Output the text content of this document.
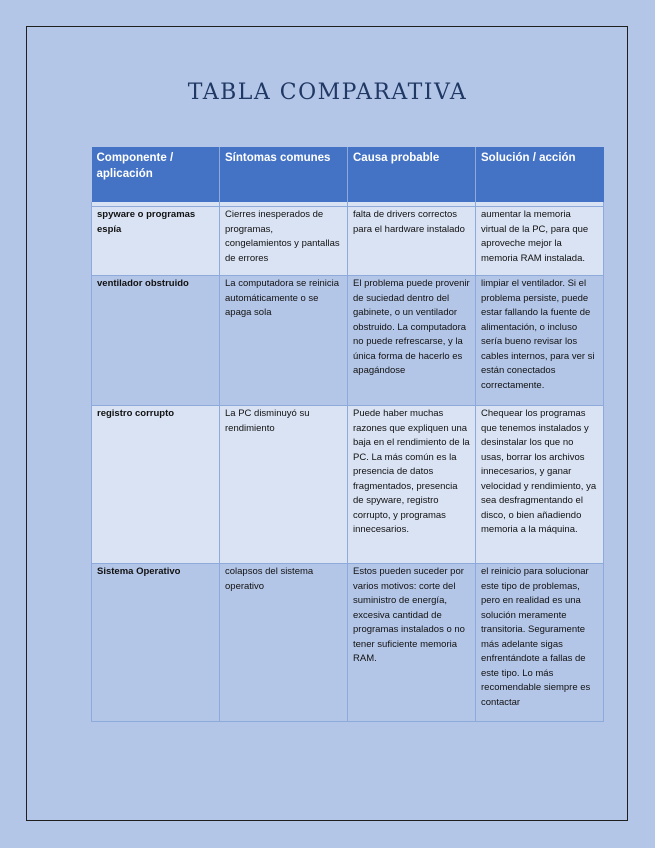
TABLA COMPARATIVA
Componente / aplicación	Síntomas comunes	Causa probable	Solución / acción

spyware o programas espía	Cierres inesperados de programas, congelamientos y pantallas de errores	falta de drivers correctos para el hardware instalado	aumentar la memoria virtual de la PC, para que aproveche mejor la memoria RAM instalada.
ventilador obstruido	La computadora se reinicia automáticamente o se apaga sola	El problema puede provenir de suciedad dentro del gabinete, o un ventilador obstruido. La computadora no puede refrescarse, y la única forma de hacerlo es apagándose	limpiar el ventilador. Si el problema persiste, puede estar fallando la fuente de alimentación, o incluso sería bueno revisar los cables internos, para ver si están conectados correctamente.
registro corrupto	La PC disminuyó su rendimiento	Puede haber muchas razones que expliquen una baja en el rendimiento de la PC. La más común es la presencia de datos fragmentados, presencia de spyware, registro corrupto, y programas innecesarios.	Chequear los programas que tenemos instalados y desinstalar los que no usas, borrar los archivos innecesarios, y ganar velocidad y rendimiento, ya sea desfragmentando el disco, o bien añadiendo memoria a la máquina.
Sistema Operativo	colapsos del sistema operativo	Estos pueden suceder por varios motivos: corte del suministro de energía, excesiva cantidad de programas instalados o no tener suficiente memoria RAM.	el reinicio para solucionar este tipo de problemas, pero en realidad es una solución meramente transitoria. Seguramente más adelante sigas enfrentándote a fallas de este tipo. Lo más recomendable siempre es contactar
